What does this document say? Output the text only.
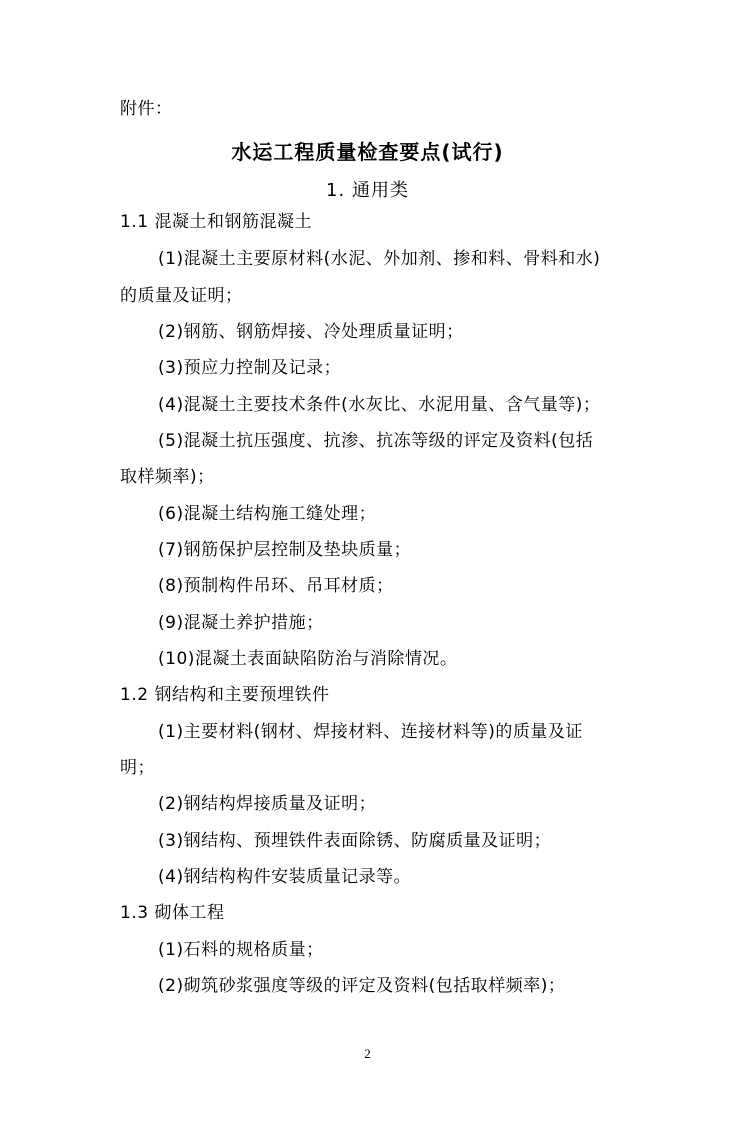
附件：
水运工程质量检查要点(试行)
1. 通用类
1.1 混凝土和钢筋混凝土
(1)混凝土主要原材料(水泥、外加剂、掺和料、骨料和水)
的质量及证明；
(2)钢筋、钢筋焊接、冷处理质量证明；
(3)预应力控制及记录；
(4)混凝土主要技术条件(水灰比、水泥用量、含气量等)；
(5)混凝土抗压强度、抗渗、抗冻等级的评定及资料(包括
取样频率)；
(6)混凝土结构施工缝处理；
(7)钢筋保护层控制及垫块质量；
(8)预制构件吊环、吊耳材质；
(9)混凝土养护措施；
(10)混凝土表面缺陷防治与消除情况。
1.2 钢结构和主要预埋铁件
(1)主要材料(钢材、焊接材料、连接材料等)的质量及证
明；
(2)钢结构焊接质量及证明；
(3)钢结构、预埋铁件表面除锈、防腐质量及证明；
(4)钢结构构件安装质量记录等。
1.3 砌体工程
(1)石料的规格质量；
(2)砌筑砂浆强度等级的评定及资料(包括取样频率)；
2
